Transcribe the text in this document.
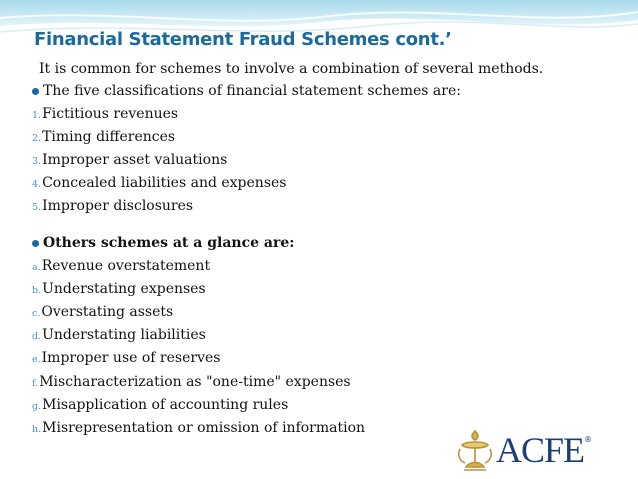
Financial Statement Fraud Schemes cont.’
It is common for schemes to involve a combination of several methods.
The five classifications of financial statement schemes are:
1.Fictitious revenues
2.Timing differences
3.Improper asset valuations
4.Concealed liabilities and expenses
5.Improper disclosures
Others schemes at a glance are:
a.Revenue overstatement
b.Understating expenses
c.Overstating assets
d.Understating liabilities
e.Improper use of reserves
f.Mischaracterization as "one-time" expenses
g.Misapplication of accounting rules
h.Misrepresentation or omission of information
ACFE ®
